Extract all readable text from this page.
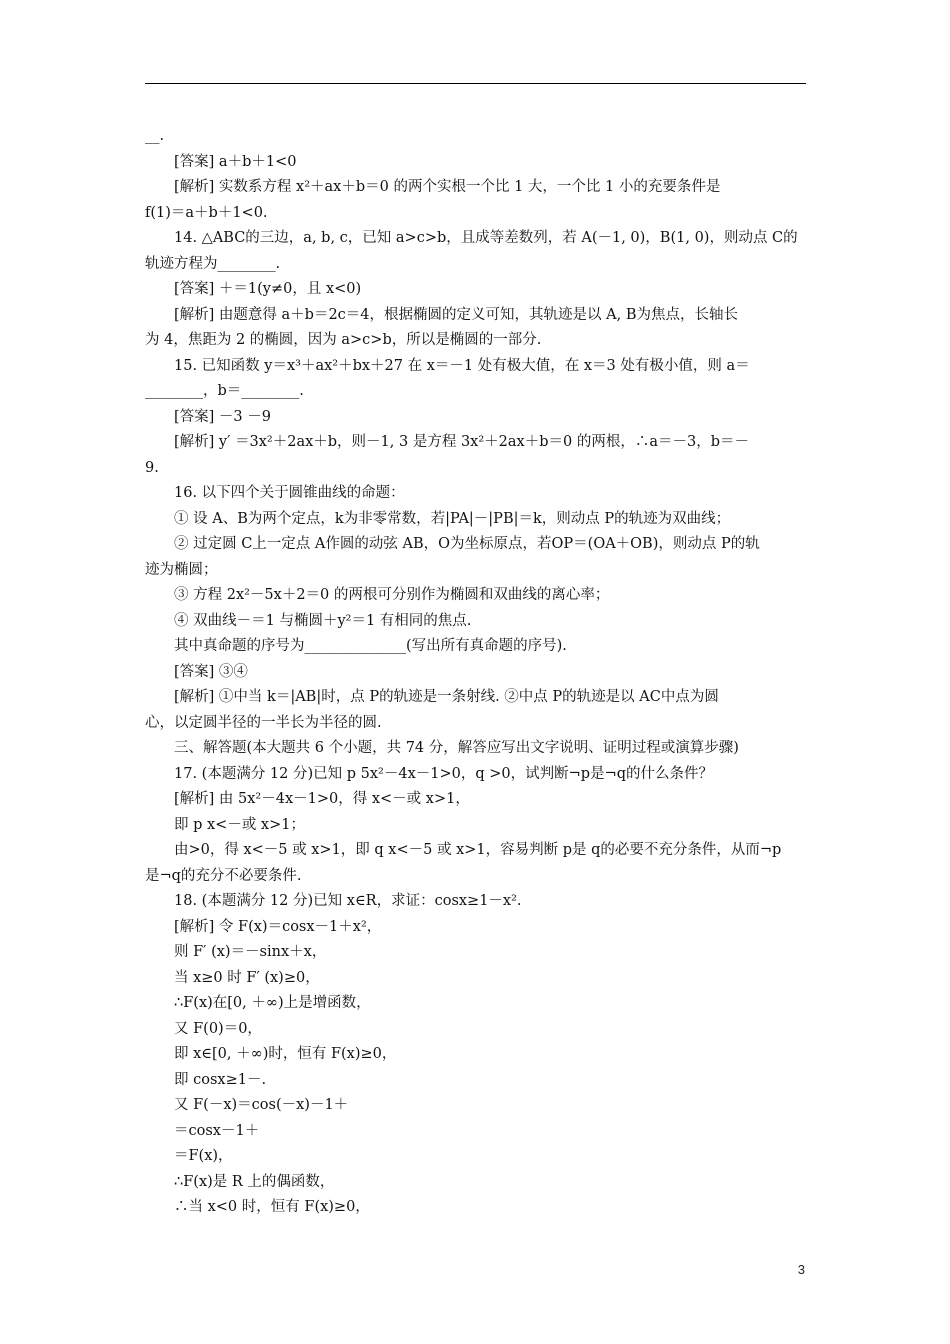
__.
[答案] a＋b＋1<0
[解析] 实数系方程 x²＋ax＋b＝0 的两个实根一个比 1 大，一个比 1 小的充要条件是
f(1)＝a＋b＋1<0.
14. △ABC的三边，a, b, c，已知 a>c>b，且成等差数列，若 A(－1, 0)，B(1, 0)，则动点 C的
轨迹方程为________.
[答案] ＋＝1(y≠0，且 x<0)
[解析] 由题意得 a＋b＝2c＝4，根据椭圆的定义可知，其轨迹是以 A, B为焦点，长轴长
为 4，焦距为 2 的椭圆，因为 a>c>b，所以是椭圆的一部分.
15. 已知函数 y＝x³＋ax²＋bx＋27 在 x＝－1 处有极大值，在 x＝3 处有极小值，则 a＝
________，b＝________.
[答案] －3 －9
[解析] y′ ＝3x²＋2ax＋b，则－1, 3 是方程 3x²＋2ax＋b＝0 的两根，∴a＝－3，b＝－
9.
16. 以下四个关于圆锥曲线的命题：
① 设 A、B为两个定点，k为非零常数，若|PA|－|PB|＝k，则动点 P的轨迹为双曲线；
② 过定圆 C上一定点 A作圆的动弦 AB，O为坐标原点，若OP＝(OA＋OB)，则动点 P的轨
迹为椭圆；
③ 方程 2x²－5x＋2＝0 的两根可分别作为椭圆和双曲线的离心率；
④ 双曲线－＝1 与椭圆＋y²＝1 有相同的焦点.
其中真命题的序号为______________(写出所有真命题的序号).
[答案] ③④
[解析] ①中当 k＝|AB|时，点 P的轨迹是一条射线. ②中点 P的轨迹是以 AC中点为圆
心，以定圆半径的一半长为半径的圆.
三、解答题(本大题共 6 个小题，共 74 分，解答应写出文字说明、证明过程或演算步骤)
17. (本题满分 12 分)已知 p 5x²－4x－1>0，q >0，试判断¬p是¬q的什么条件？
[解析] 由 5x²－4x－1>0，得 x<－或 x>1，
即 p x<－或 x>1；
由>0，得 x<－5 或 x>1，即 q x<－5 或 x>1，容易判断 p是 q的必要不充分条件，从而¬p
是¬q的充分不必要条件.
18. (本题满分 12 分)已知 x∈R，求证：cosx≥1－x².
[解析] 令 F(x)＝cosx－1＋x²，
则 F′ (x)＝－sinx＋x，
当 x≥0 时 F′ (x)≥0，
∴F(x)在[0, ＋∞)上是增函数，
又 F(0)＝0，
即 x∈[0, ＋∞)时，恒有 F(x)≥0，
即 cosx≥1－.
又 F(－x)＝cos(－x)－1＋
＝cosx－1＋
＝F(x)，
∴F(x)是 R 上的偶函数，
∴当 x<0 时，恒有 F(x)≥0，
3
